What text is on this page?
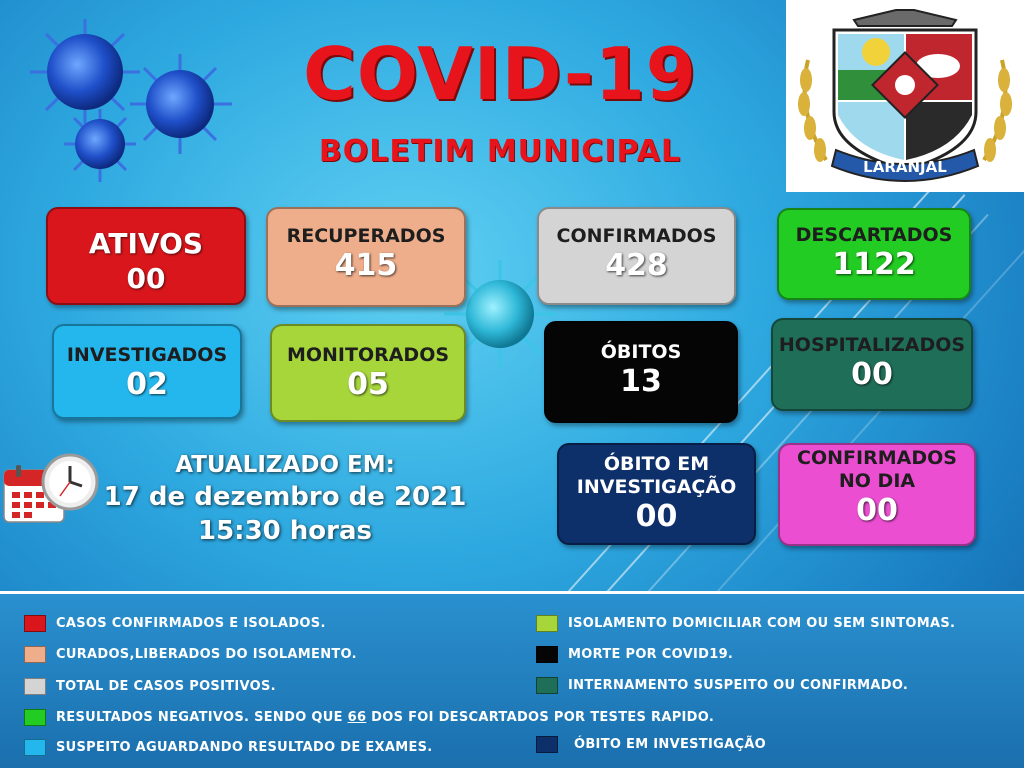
COVID-19
BOLETIM MUNICIPAL	LARANJAL
ATIVOS
00
RECUPERADOS
415
CONFIRMADOS
428
DESCARTADOS
1122
INVESTIGADOS
02
MONITORADOS
05
ÓBITOS
13
HOSPITALIZADOS
00
ÓBITO EM
INVESTIGAÇÃO
00
CONFIRMADOS
NO DIA
00
ATUALIZADO EM:
17 de dezembro de 2021
15:30 horas
CASOS CONFIRMADOS E ISOLADOS.
CURADOS,LIBERADOS DO ISOLAMENTO.
TOTAL DE CASOS POSITIVOS.
RESULTADOS NEGATIVOS. SENDO QUE 66 DOS FOI DESCARTADOS POR TESTES RAPIDO.
SUSPEITO AGUARDANDO RESULTADO DE EXAMES.
ISOLAMENTO DOMICILIAR COM OU SEM SINTOMAS.
MORTE POR COVID19.
INTERNAMENTO SUSPEITO OU CONFIRMADO.
ÓBITO EM INVESTIGAÇÃO
